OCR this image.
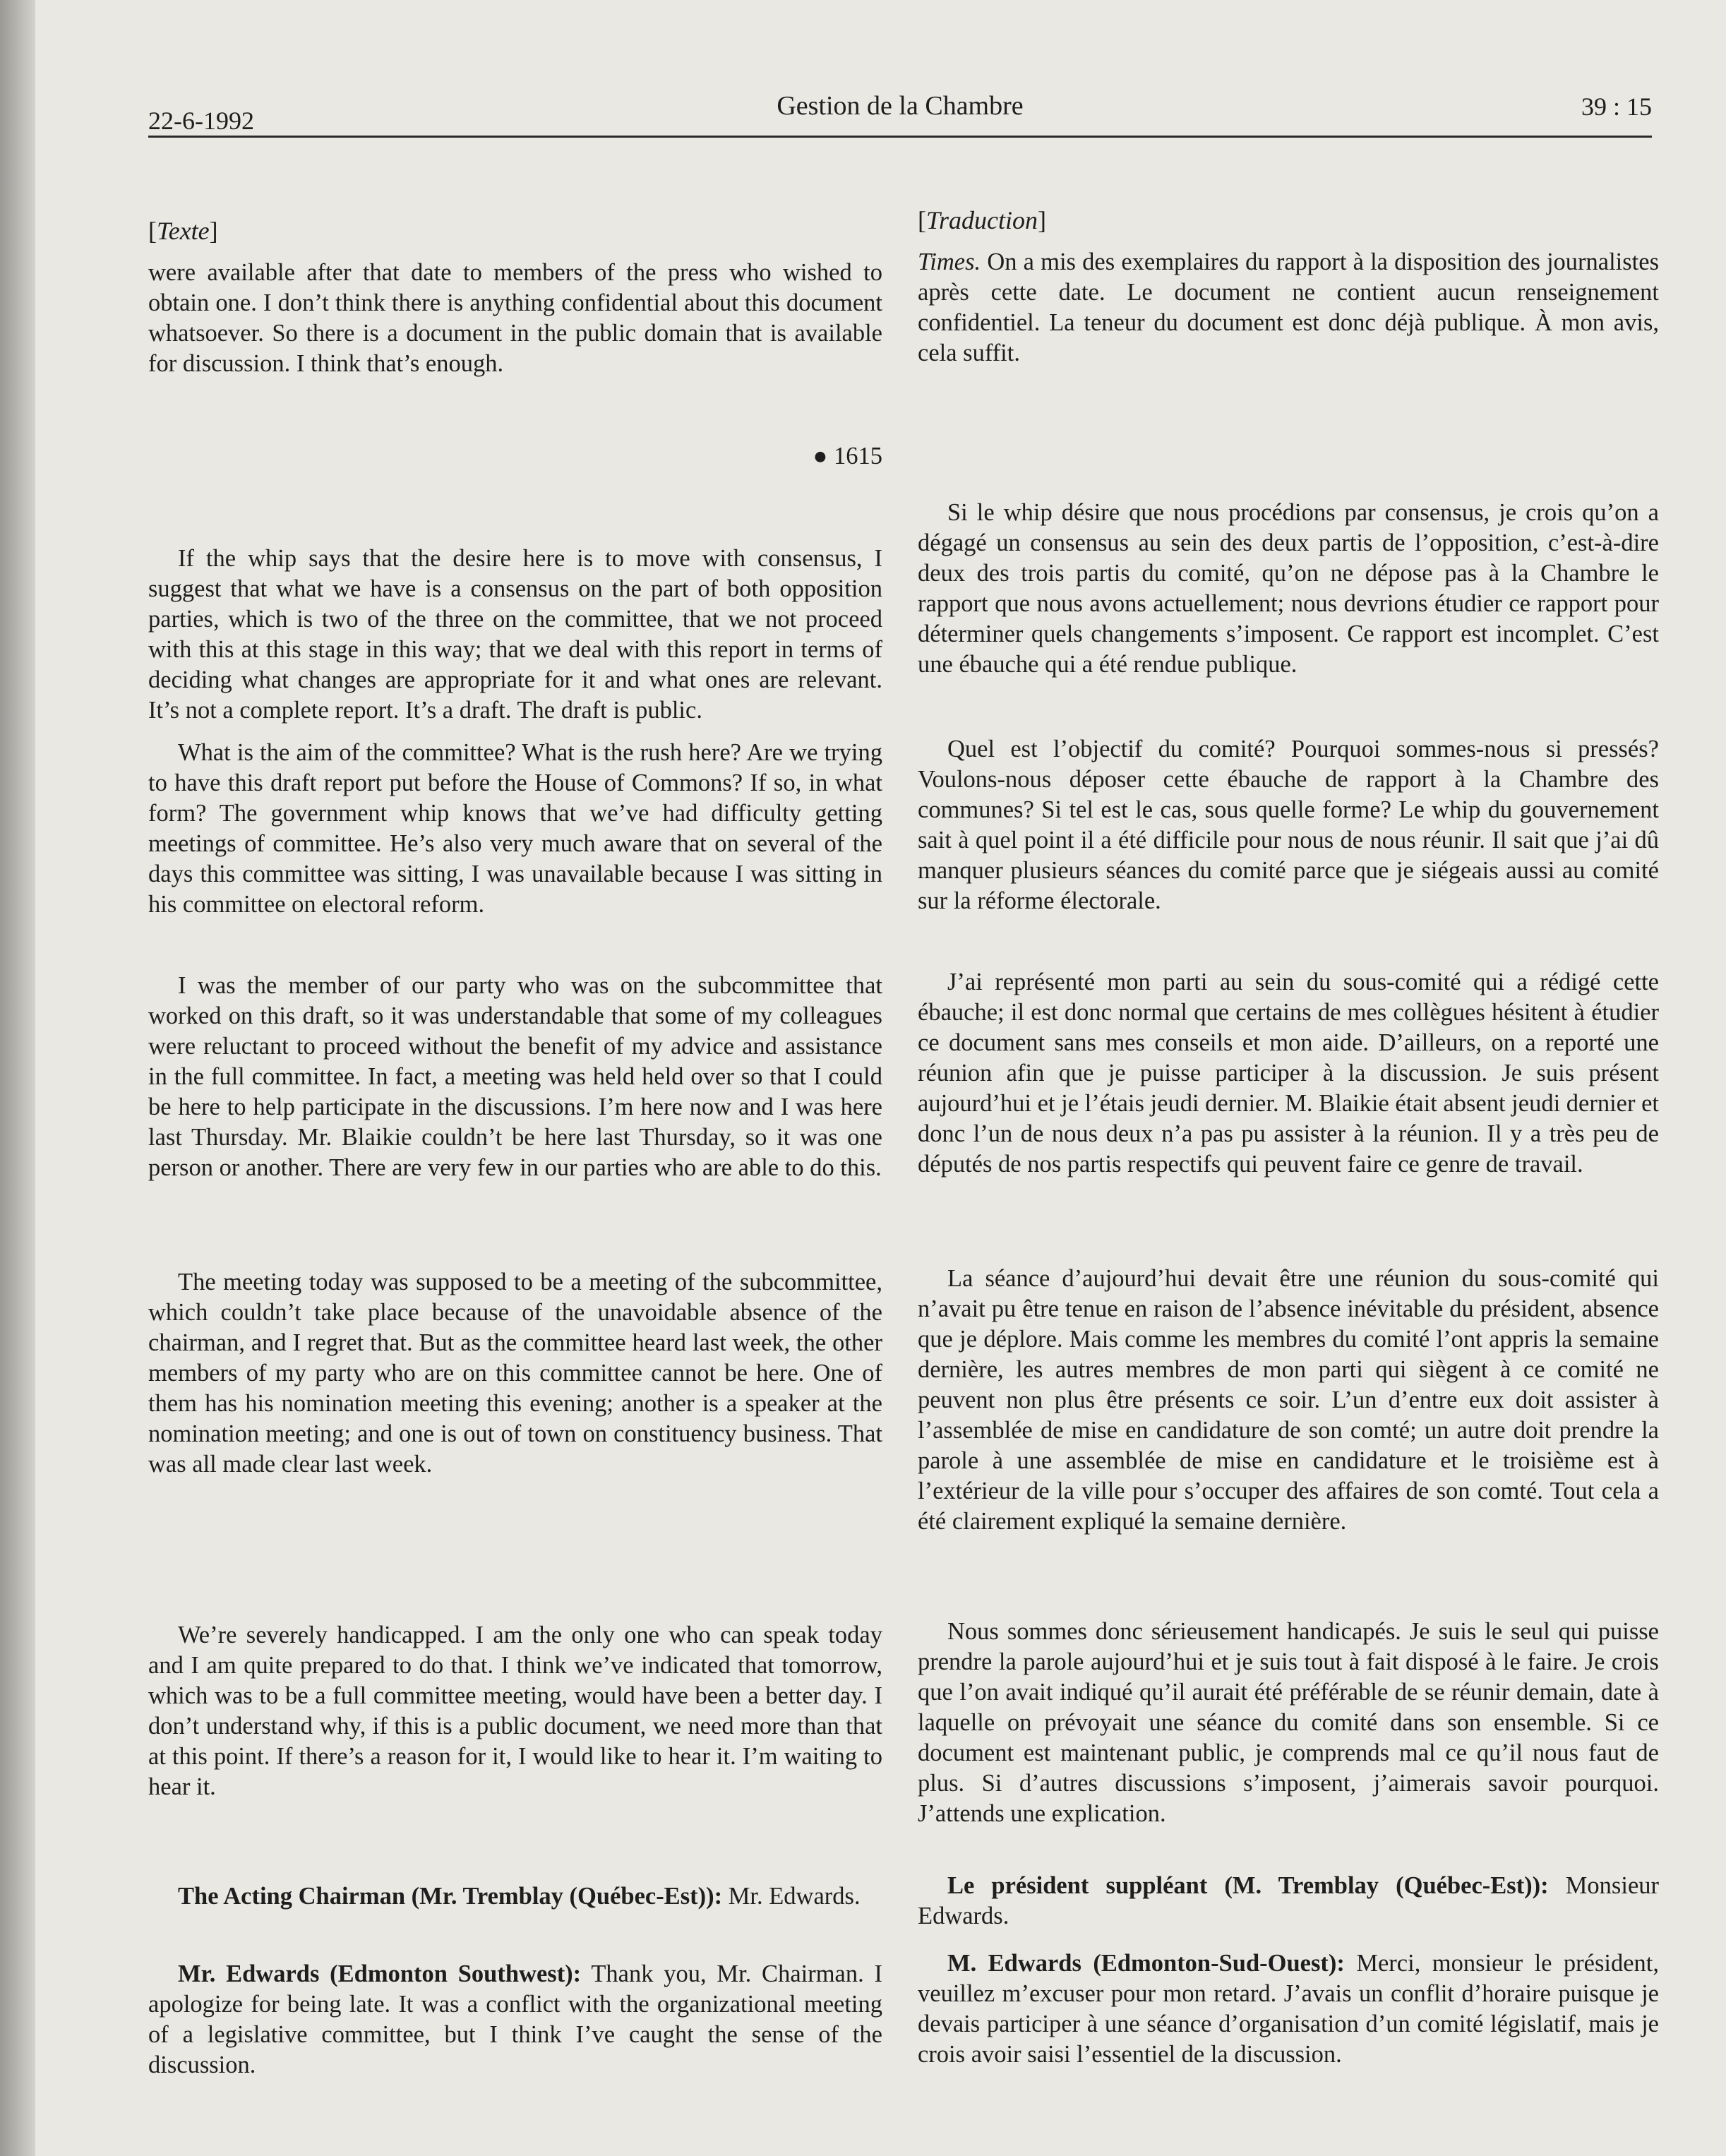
22-6-1992	Gestion de la Chambre	39 : 15

[Texte]

were available after that date to members of the press who wished to obtain one. I don’t think there is anything confidential about this document whatsoever. So there is a document in the public domain that is available for discussion. I think that’s enough.

● 1615

If the whip says that the desire here is to move with consensus, I suggest that what we have is a consensus on the part of both opposition parties, which is two of the three on the committee, that we not proceed with this at this stage in this way; that we deal with this report in terms of deciding what changes are appropriate for it and what ones are relevant. It’s not a complete report. It’s a draft. The draft is public.

What is the aim of the committee? What is the rush here? Are we trying to have this draft report put before the House of Commons? If so, in what form? The government whip knows that we’ve had difficulty getting meetings of committee. He’s also very much aware that on several of the days this committee was sitting, I was unavailable because I was sitting in his committee on electoral reform.

I was the member of our party who was on the subcommittee that worked on this draft, so it was understandable that some of my colleagues were reluctant to proceed without the benefit of my advice and assistance in the full committee. In fact, a meeting was held held over so that I could be here to help participate in the discussions. I’m here now and I was here last Thursday. Mr. Blaikie couldn’t be here last Thursday, so it was one person or another. There are very few in our parties who are able to do this.

The meeting today was supposed to be a meeting of the subcommittee, which couldn’t take place because of the unavoidable absence of the chairman, and I regret that. But as the committee heard last week, the other members of my party who are on this committee cannot be here. One of them has his nomination meeting this evening; another is a speaker at the nomination meeting; and one is out of town on constituency business. That was all made clear last week.

We’re severely handicapped. I am the only one who can speak today and I am quite prepared to do that. I think we’ve indicated that tomorrow, which was to be a full committee meeting, would have been a better day. I don’t understand why, if this is a public document, we need more than that at this point. If there’s a reason for it, I would like to hear it. I’m waiting to hear it.

The Acting Chairman (Mr. Tremblay (Québec-Est)): Mr. Edwards.

Mr. Edwards (Edmonton Southwest): Thank you, Mr. Chairman. I apologize for being late. It was a conflict with the organizational meeting of a legislative committee, but I think I’ve caught the sense of the discussion.

[Traduction]

Times. On a mis des exemplaires du rapport à la disposition des journalistes après cette date. Le document ne contient aucun renseignement confidentiel. La teneur du document est donc déjà publique. À mon avis, cela suffit.

Si le whip désire que nous procédions par consensus, je crois qu’on a dégagé un consensus au sein des deux partis de l’opposition, c’est-à-dire deux des trois partis du comité, qu’on ne dépose pas à la Chambre le rapport que nous avons actuellement; nous devrions étudier ce rapport pour déterminer quels changements s’imposent. Ce rapport est incomplet. C’est une ébauche qui a été rendue publique.

Quel est l’objectif du comité? Pourquoi sommes-nous si pressés? Voulons-nous déposer cette ébauche de rapport à la Chambre des communes? Si tel est le cas, sous quelle forme? Le whip du gouvernement sait à quel point il a été difficile pour nous de nous réunir. Il sait que j’ai dû manquer plusieurs séances du comité parce que je siégeais aussi au comité sur la réforme électorale.

J’ai représenté mon parti au sein du sous-comité qui a rédigé cette ébauche; il est donc normal que certains de mes collègues hésitent à étudier ce document sans mes conseils et mon aide. D’ailleurs, on a reporté une réunion afin que je puisse participer à la discussion. Je suis présent aujourd’hui et je l’étais jeudi dernier. M. Blaikie était absent jeudi dernier et donc l’un de nous deux n’a pas pu assister à la réunion. Il y a très peu de députés de nos partis respectifs qui peuvent faire ce genre de travail.

La séance d’aujourd’hui devait être une réunion du sous-comité qui n’avait pu être tenue en raison de l’absence inévitable du président, absence que je déplore. Mais comme les membres du comité l’ont appris la semaine dernière, les autres membres de mon parti qui siègent à ce comité ne peuvent non plus être présents ce soir. L’un d’entre eux doit assister à l’assemblée de mise en candidature de son comté; un autre doit prendre la parole à une assemblée de mise en candidature et le troisième est à l’extérieur de la ville pour s’occuper des affaires de son comté. Tout cela a été clairement expliqué la semaine dernière.

Nous sommes donc sérieusement handicapés. Je suis le seul qui puisse prendre la parole aujourd’hui et je suis tout à fait disposé à le faire. Je crois que l’on avait indiqué qu’il aurait été préférable de se réunir demain, date à laquelle on prévoyait une séance du comité dans son ensemble. Si ce document est maintenant public, je comprends mal ce qu’il nous faut de plus. Si d’autres discussions s’imposent, j’aimerais savoir pourquoi. J’attends une explication.

Le président suppléant (M. Tremblay (Québec-Est)): Monsieur Edwards.

M. Edwards (Edmonton-Sud-Ouest): Merci, monsieur le président, veuillez m’excuser pour mon retard. J’avais un conflit d’horaire puisque je devais participer à une séance d’organisation d’un comité législatif, mais je crois avoir saisi l’essentiel de la discussion.
